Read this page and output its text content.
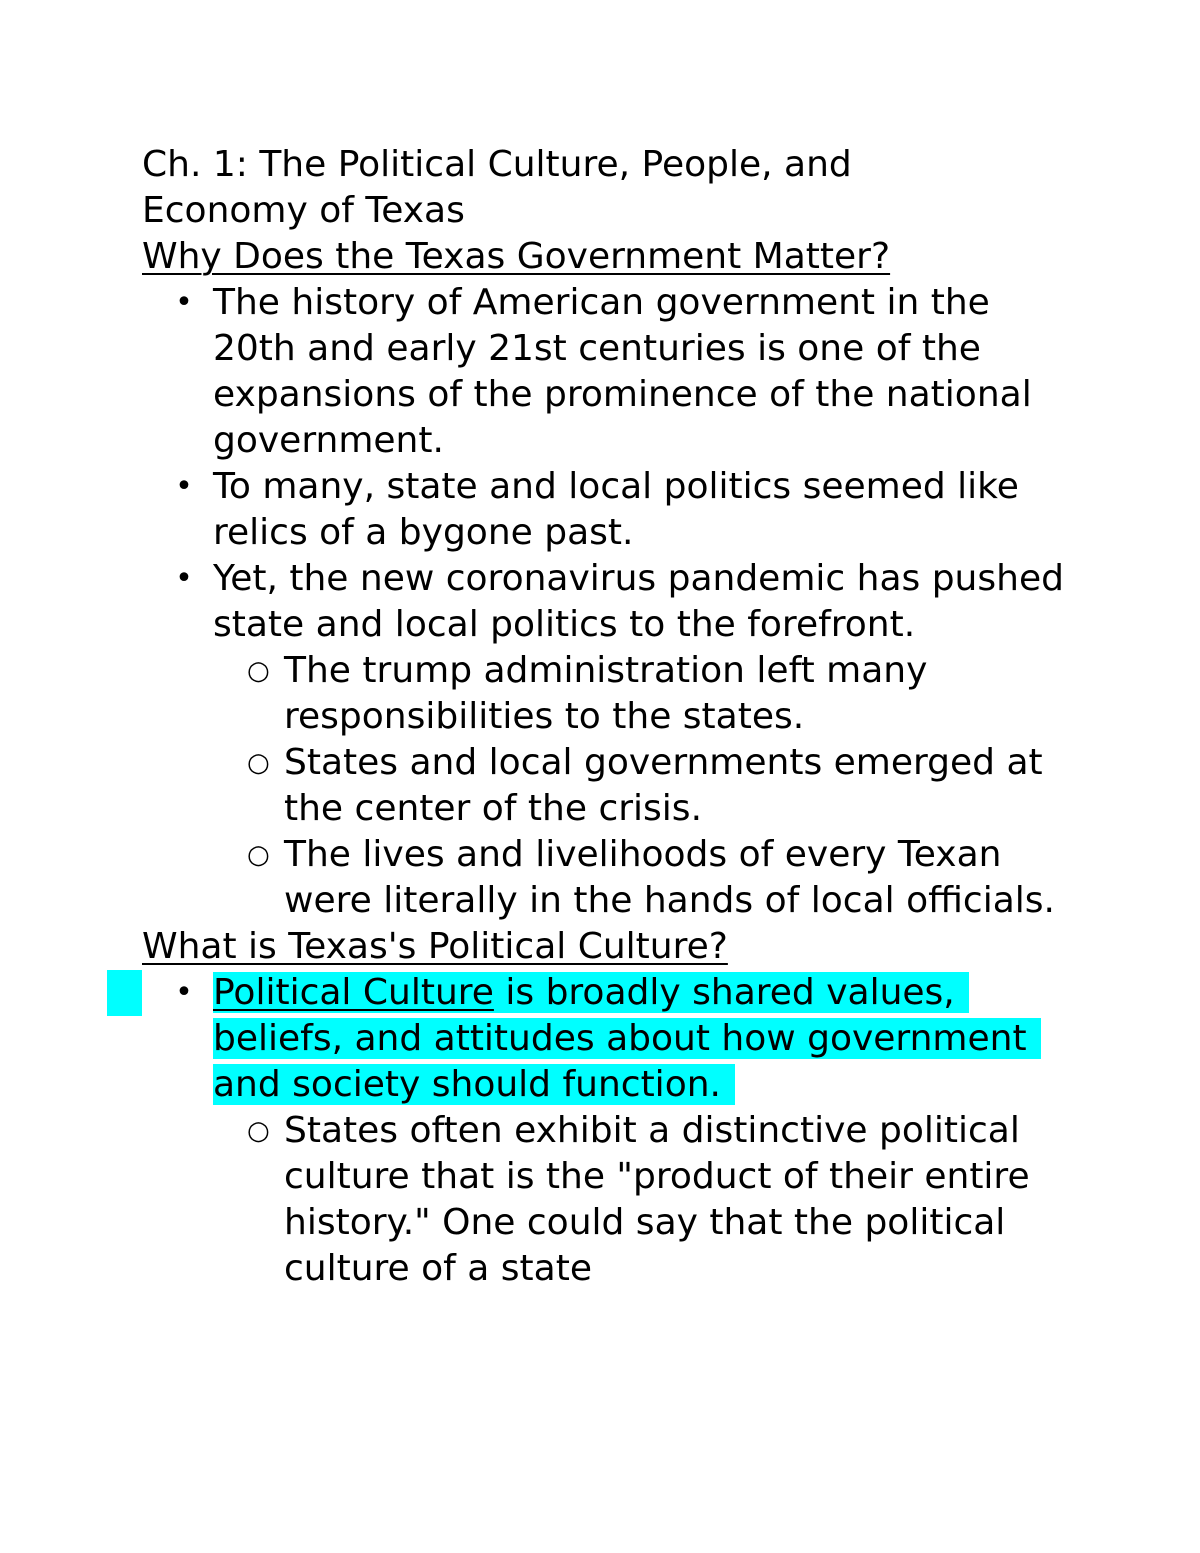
Ch. 1: The Political Culture, People, and
Economy of Texas
Why Does the Texas Government Matter?
• The history of American government in the 20th and early 21st centuries is one of the expansions of the prominence of the national government.
• To many, state and local politics seemed like relics of a bygone past.
• Yet, the new coronavirus pandemic has pushed state and local politics to the forefront.
○ The trump administration left many responsibilities to the states.
○ States and local governments emerged at the center of the crisis.
○ The lives and livelihoods of every Texan were literally in the hands of local officials.
What is Texas's Political Culture?
• Political Culture is broadly shared values, beliefs, and attitudes about how government and society should function.
○ States often exhibit a distinctive political culture that is the "product of their entire history." One could say that the political culture of a state
